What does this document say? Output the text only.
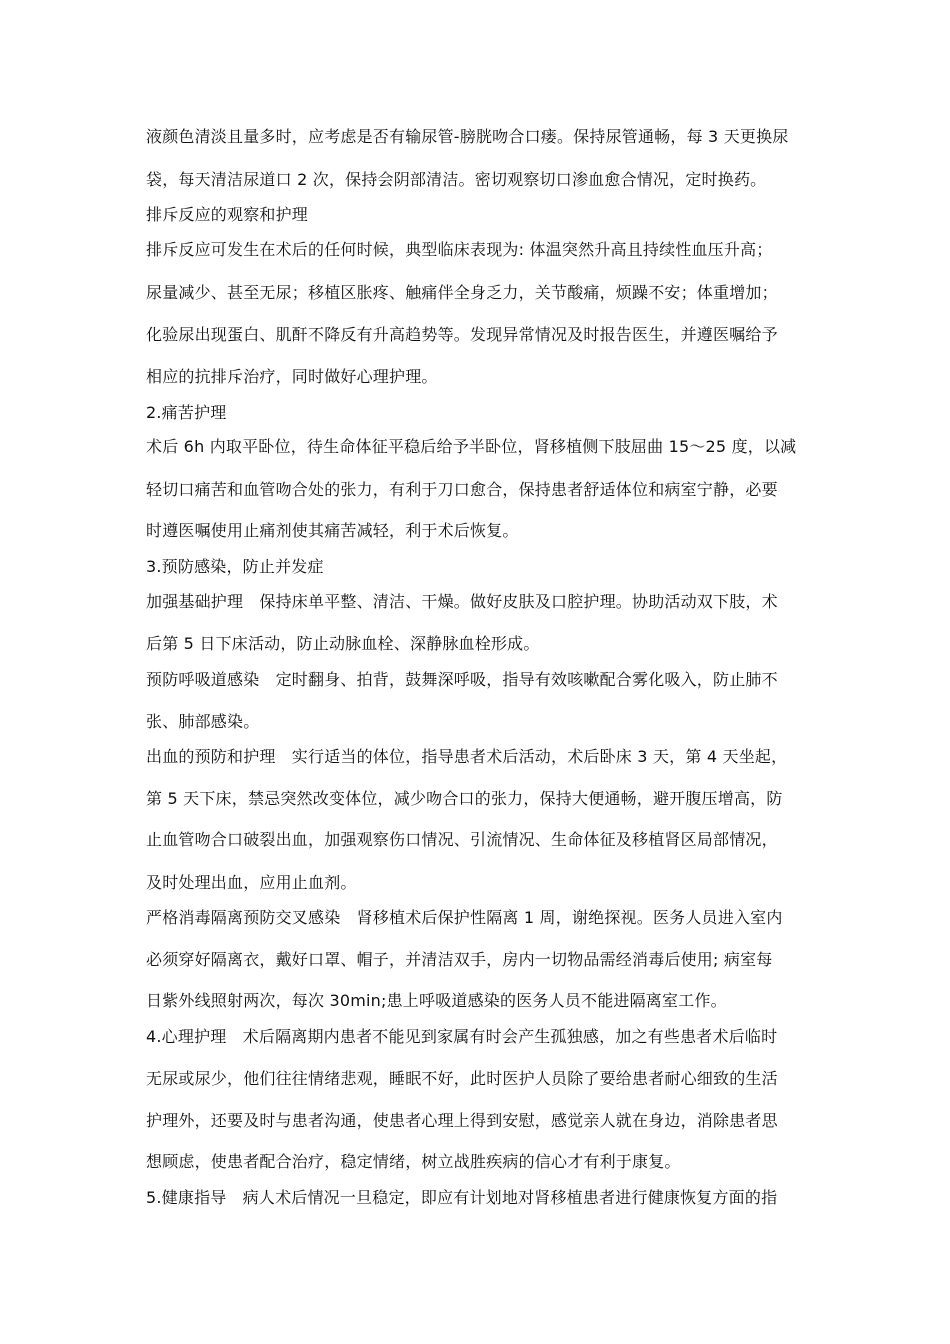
液颜色清淡且量多时，应考虑是否有输尿管-膀胱吻合口瘘。保持尿管通畅，每 3 天更换尿
袋，每天清洁尿道口 2 次，保持会阴部清洁。密切观察切口渗血愈合情况，定时换药。
排斥反应的观察和护理
排斥反应可发生在术后的任何时候，典型临床表现为: 体温突然升高且持续性血压升高；
尿量减少、甚至无尿；移植区胀疼、触痛伴全身乏力，关节酸痛，烦躁不安；体重增加；
化验尿出现蛋白、肌酐不降反有升高趋势等。发现异常情况及时报告医生，并遵医嘱给予
相应的抗排斥治疗，同时做好心理护理。
2.痛苦护理
术后 6h 内取平卧位，待生命体征平稳后给予半卧位，肾移植侧下肢屈曲 15～25 度，以减
轻切口痛苦和血管吻合处的张力，有利于刀口愈合，保持患者舒适体位和病室宁静，必要
时遵医嘱使用止痛剂使其痛苦减轻，利于术后恢复。
3.预防感染，防止并发症
加强基础护理　保持床单平整、清洁、干燥。做好皮肤及口腔护理。协助活动双下肢，术
后第 5 日下床活动，防止动脉血栓、深静脉血栓形成。
预防呼吸道感染　定时翻身、拍背，鼓舞深呼吸，指导有效咳嗽配合雾化吸入，防止肺不
张、肺部感染。
出血的预防和护理　实行适当的体位，指导患者术后活动，术后卧床 3 天，第 4 天坐起，
第 5 天下床，禁忌突然改变体位，减少吻合口的张力，保持大便通畅，避开腹压增高，防
止血管吻合口破裂出血，加强观察伤口情况、引流情况、生命体征及移植肾区局部情况，
及时处理出血，应用止血剂。
严格消毒隔离预防交叉感染　肾移植术后保护性隔离 1 周，谢绝探视。医务人员进入室内
必须穿好隔离衣，戴好口罩、帽子，并清洁双手，房内一切物品需经消毒后使用; 病室每
日紫外线照射两次，每次 30min;患上呼吸道感染的医务人员不能进隔离室工作。
4.心理护理　术后隔离期内患者不能见到家属有时会产生孤独感，加之有些患者术后临时
无尿或尿少，他们往往情绪悲观，睡眠不好，此时医护人员除了要给患者耐心细致的生活
护理外，还要及时与患者沟通，使患者心理上得到安慰，感觉亲人就在身边，消除患者思
想顾虑，使患者配合治疗，稳定情绪，树立战胜疾病的信心才有利于康复。
5.健康指导　病人术后情况一旦稳定，即应有计划地对肾移植患者进行健康恢复方面的指
